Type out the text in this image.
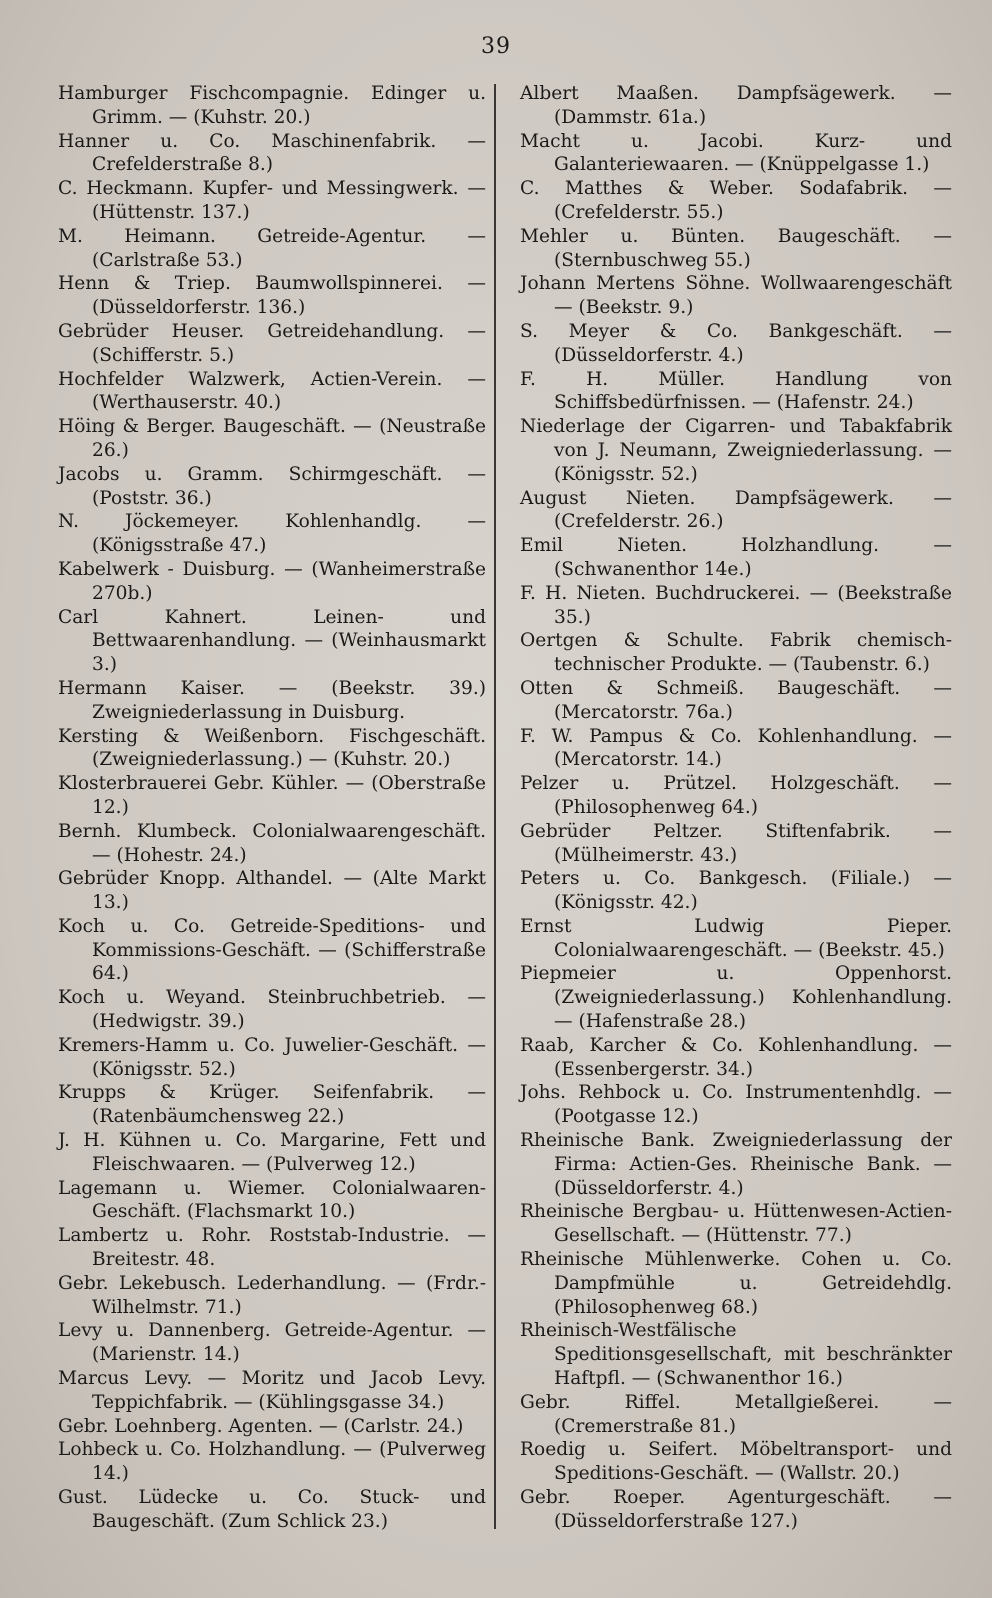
39

Hamburger Fischcompagnie. Edinger u. Grimm. — (Kuhstr. 20.)

Hanner u. Co. Maschinenfabrik. — Crefelderstraße 8.)

C. Heckmann. Kupfer- und Messingwerk. — (Hüttenstr. 137.)

M. Heimann. Getreide-Agentur. — (Carlstraße 53.)

Henn & Triep. Baumwollspinnerei. — (Düsseldorferstr. 136.)

Gebrüder Heuser. Getreidehandlung. — (Schifferstr. 5.)

Hochfelder Walzwerk, Actien-Verein. — (Werthauserstr. 40.)

Höing & Berger. Baugeschäft. — (Neustraße 26.)

Jacobs u. Gramm. Schirmgeschäft. — (Poststr. 36.)

N. Jöckemeyer. Kohlenhandlg. — (Königsstraße 47.)

Kabelwerk - Duisburg. — (Wanheimerstraße 270b.)

Carl Kahnert. Leinen- und Bettwaarenhandlung. — (Weinhausmarkt 3.)

Hermann Kaiser. — (Beekstr. 39.) Zweigniederlassung in Duisburg.

Kersting & Weißenborn. Fischgeschäft. (Zweigniederlassung.) — (Kuhstr. 20.)

Klosterbrauerei Gebr. Kühler. — (Oberstraße 12.)

Bernh. Klumbeck. Colonialwaarengeschäft. — (Hohestr. 24.)

Gebrüder Knopp. Althandel. — (Alte Markt 13.)

Koch u. Co. Getreide-Speditions- und Kommissions-Geschäft. — (Schifferstraße 64.)

Koch u. Weyand. Steinbruchbetrieb. — (Hedwigstr. 39.)

Kremers-Hamm u. Co. Juwelier-Geschäft. — (Königsstr. 52.)

Krupps & Krüger. Seifenfabrik. — (Ratenbäumchensweg 22.)

J. H. Kühnen u. Co. Margarine, Fett und Fleischwaaren. — (Pulverweg 12.)

Lagemann u. Wiemer. Colonialwaaren-Geschäft. (Flachsmarkt 10.)

Lambertz u. Rohr. Roststab-Industrie. — Breitestr. 48.

Gebr. Lekebusch. Lederhandlung. — (Frdr.-Wilhelmstr. 71.)

Levy u. Dannenberg. Getreide-Agentur. — (Marienstr. 14.)

Marcus Levy. — Moritz und Jacob Levy. Teppichfabrik. — (Kühlingsgasse 34.)

Gebr. Loehnberg. Agenten. — (Carlstr. 24.)

Lohbeck u. Co. Holzhandlung. — (Pulverweg 14.)

Gust. Lüdecke u. Co. Stuck- und Baugeschäft. (Zum Schlick 23.)

Albert Maaßen. Dampfsägewerk. — (Dammstr. 61a.)

Macht u. Jacobi. Kurz- und Galanteriewaaren. — (Knüppelgasse 1.)

C. Matthes & Weber. Sodafabrik. — (Crefelderstr. 55.)

Mehler u. Bünten. Baugeschäft. — (Sternbuschweg 55.)

Johann Mertens Söhne. Wollwaarengeschäft — (Beekstr. 9.)

S. Meyer & Co. Bankgeschäft. — (Düsseldorferstr. 4.)

F. H. Müller. Handlung von Schiffsbedürfnissen. — (Hafenstr. 24.)

Niederlage der Cigarren- und Tabakfabrik von J. Neumann, Zweigniederlassung. — (Königsstr. 52.)

August Nieten. Dampfsägewerk. — (Crefelderstr. 26.)

Emil Nieten. Holzhandlung. — (Schwanenthor 14e.)

F. H. Nieten. Buchdruckerei. — (Beekstraße 35.)

Oertgen & Schulte. Fabrik chemisch-technischer Produkte. — (Taubenstr. 6.)

Otten & Schmeiß. Baugeschäft. — (Mercatorstr. 76a.)

F. W. Pampus & Co. Kohlenhandlung. — (Mercatorstr. 14.)

Pelzer u. Prützel. Holzgeschäft. — (Philosophenweg 64.)

Gebrüder Peltzer. Stiftenfabrik. — (Mülheimerstr. 43.)

Peters u. Co. Bankgesch. (Filiale.) — (Königsstr. 42.)

Ernst Ludwig Pieper. Colonialwaarengeschäft. — (Beekstr. 45.)

Piepmeier u. Oppenhorst. (Zweigniederlassung.) Kohlenhandlung. — (Hafenstraße 28.)

Raab, Karcher & Co. Kohlenhandlung. — (Essenbergerstr. 34.)

Johs. Rehbock u. Co. Instrumentenhdlg. — (Pootgasse 12.)

Rheinische Bank. Zweigniederlassung der Firma: Actien-Ges. Rheinische Bank. — (Düsseldorferstr. 4.)

Rheinische Bergbau- u. Hüttenwesen-Actien-Gesellschaft. — (Hüttenstr. 77.)

Rheinische Mühlenwerke. Cohen u. Co. Dampfmühle u. Getreidehdlg. (Philosophenweg 68.)

Rheinisch-Westfälische Speditionsgesellschaft, mit beschränkter Haftpfl. — (Schwanenthor 16.)

Gebr. Riffel. Metallgießerei. — (Cremerstraße 81.)

Roedig u. Seifert. Möbeltransport- und Speditions-Geschäft. — (Wallstr. 20.)

Gebr. Roeper. Agenturgeschäft. — (Düsseldorferstraße 127.)
